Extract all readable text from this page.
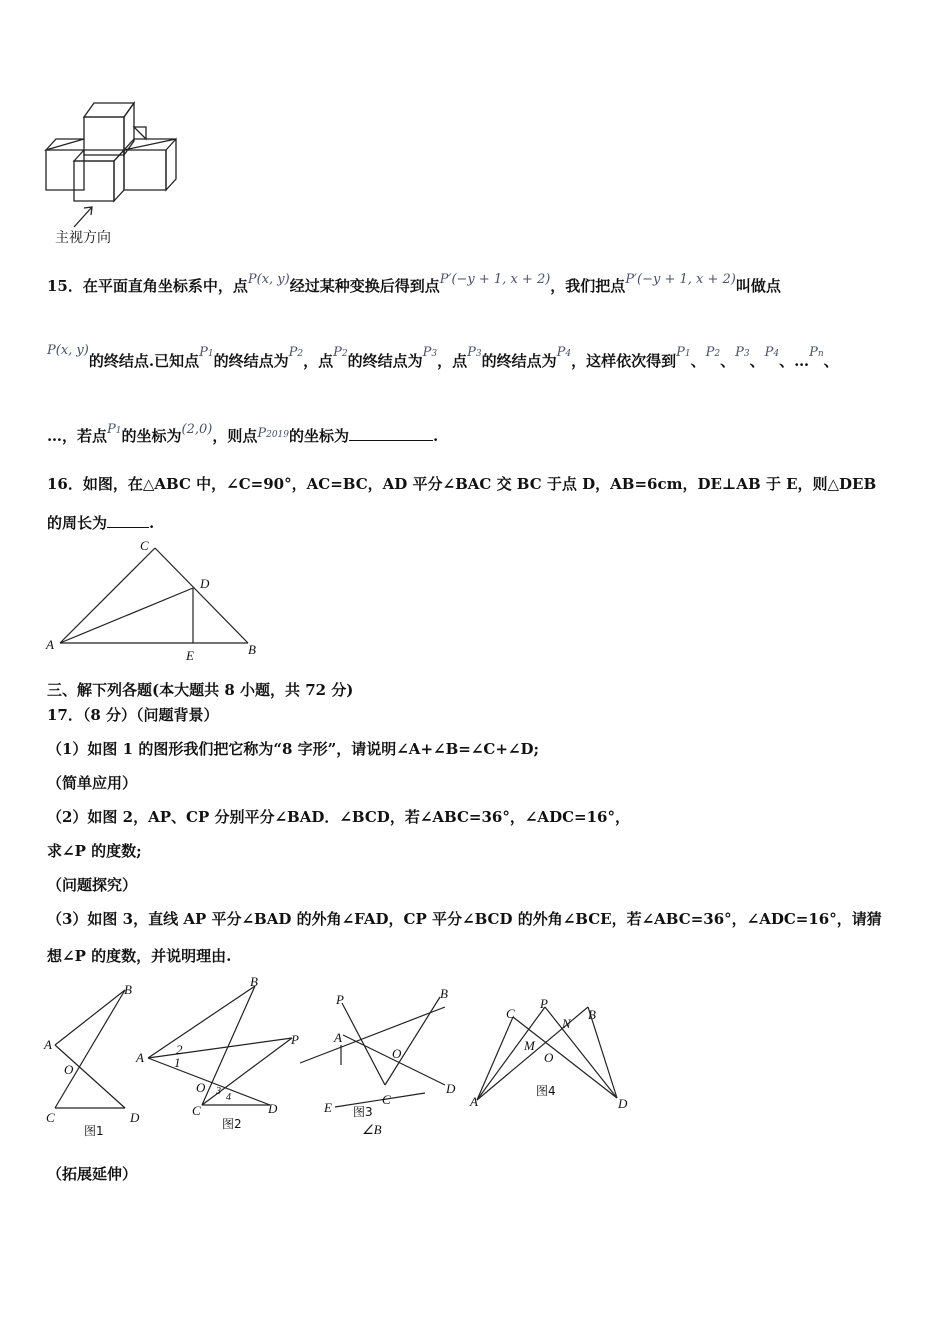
主视方向
15．在平面直角坐标系中，点P(x, y)经过某种变换后得到点P′(−y + 1, x + 2)，我们把点P′(−y + 1, x + 2)叫做点
P(x, y)的终结点.已知点P1的终结点为P2，点P2的终结点为P3，点P3的终结点为P4，这样依次得到P1、P2、P3、P4、…Pn、
…，若点P1的坐标为(2,0)，则点P2019的坐标为	.
16．如图，在△ABC 中，∠C=90°，AC=BC，AD 平分∠BAC 交 BC 于点 D，AB=6cm，DE⊥AB 于 E，则△DEB
的周长为	.
C
D
A
E	B
三、解下列各题(本大题共 8 小题，共 72 分)
17．（8 分）（问题背景）
（1）如图 1 的图形我们把它称为“8 字形”，请说明∠A+∠B=∠C+∠D;
（简单应用）
（2）如图 2，AP、CP 分别平分∠BAD．∠BCD，若∠ABC=36°，∠ADC=16°，
求∠P 的度数;
（问题探究）
（3）如图 3，直线 AP 平分∠BAD 的外角∠FAD，CP 平分∠BCD 的外角∠BCE，若∠ABC=36°，∠ADC=16°，请猜
想∠P 的度数，并说明理由.
B
A
O
C	D
图1
B
P
A
2
1
O 3
4
C	D
图2
P	B
A
O
D
C
E 图3
∠B
P
C	B
N
M
O
图4
A	D
（拓展延伸）
